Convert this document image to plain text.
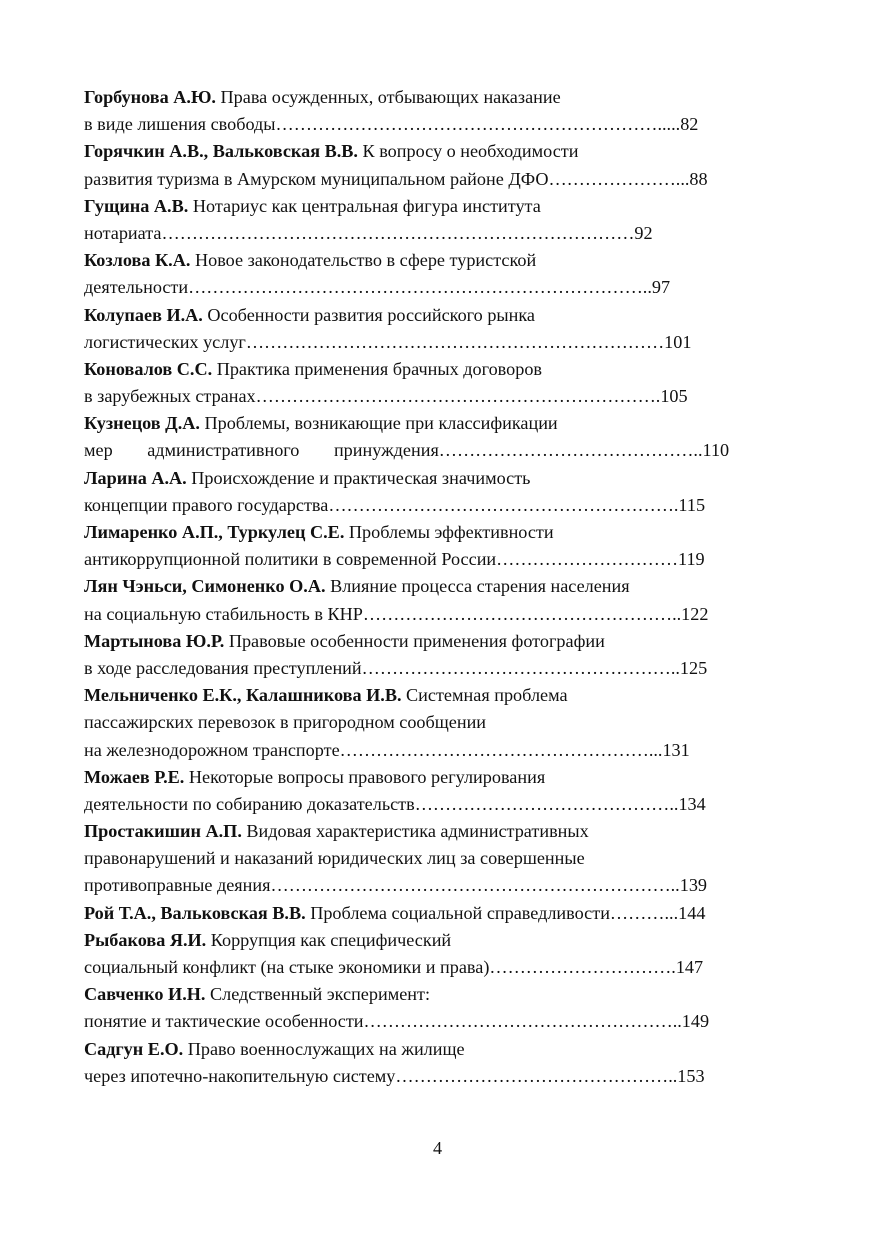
Горбунова А.Ю. Права осужденных, отбывающих наказание
в виде лишения свободы……………………………………………………….....82
Горячкин А.В., Вальковская В.В. К вопросу о необходимости
развития туризма в Амурском муниципальном районе ДФО…………………...88
Гущина А.В. Нотариус как центральная фигура института
нотариата……………………………………………………………………92
Козлова К.А. Новое законодательство в сфере туристской
деятельности…………………………………………………………………..97
Колупаев И.А. Особенности развития российского рынка
логистических услуг……………………………………………………………101
Коновалов С.С. Практика применения брачных договоров
в зарубежных странах………………………………………………………….105
Кузнецов Д.А. Проблемы, возникающие при классификации
мер административного принуждения……………………………………..110
Ларина А.А. Происхождение и практическая значимость
концепции правого государства………………………………………………….115
Лимаренко А.П., Туркулец С.Е. Проблемы эффективности
антикоррупционной политики в современной России…………………………119
Лян Чэньси, Симоненко О.А. Влияние процесса старения населения
на социальную стабильность в КНР……………………………………………..122
Мартынова Ю.Р. Правовые особенности применения фотографии
в ходе расследования преступлений……………………………………………..125
Мельниченко Е.К., Калашникова И.В. Системная проблема
пассажирских перевозок в пригородном сообщении
на железнодорожном транспорте……………………………………………...131
Можаев Р.Е. Некоторые вопросы правового регулирования
деятельности по собиранию доказательств……………………………………..134
Простакишин А.П. Видовая характеристика административных
правонарушений и наказаний юридических лиц за совершенные
противоправные деяния…………………………………………………………..139
Рой Т.А., Вальковская В.В. Проблема социальной справедливости………...144
Рыбакова Я.И. Коррупция как специфический
социальный конфликт (на стыке экономики и права)………………………….147
Савченко И.Н. Следственный эксперимент:
понятие и тактические особенности……………………………………………..149
Садгун Е.О. Право военнослужащих на жилище
через ипотечно-накопительную систему………………………………………..153
4
